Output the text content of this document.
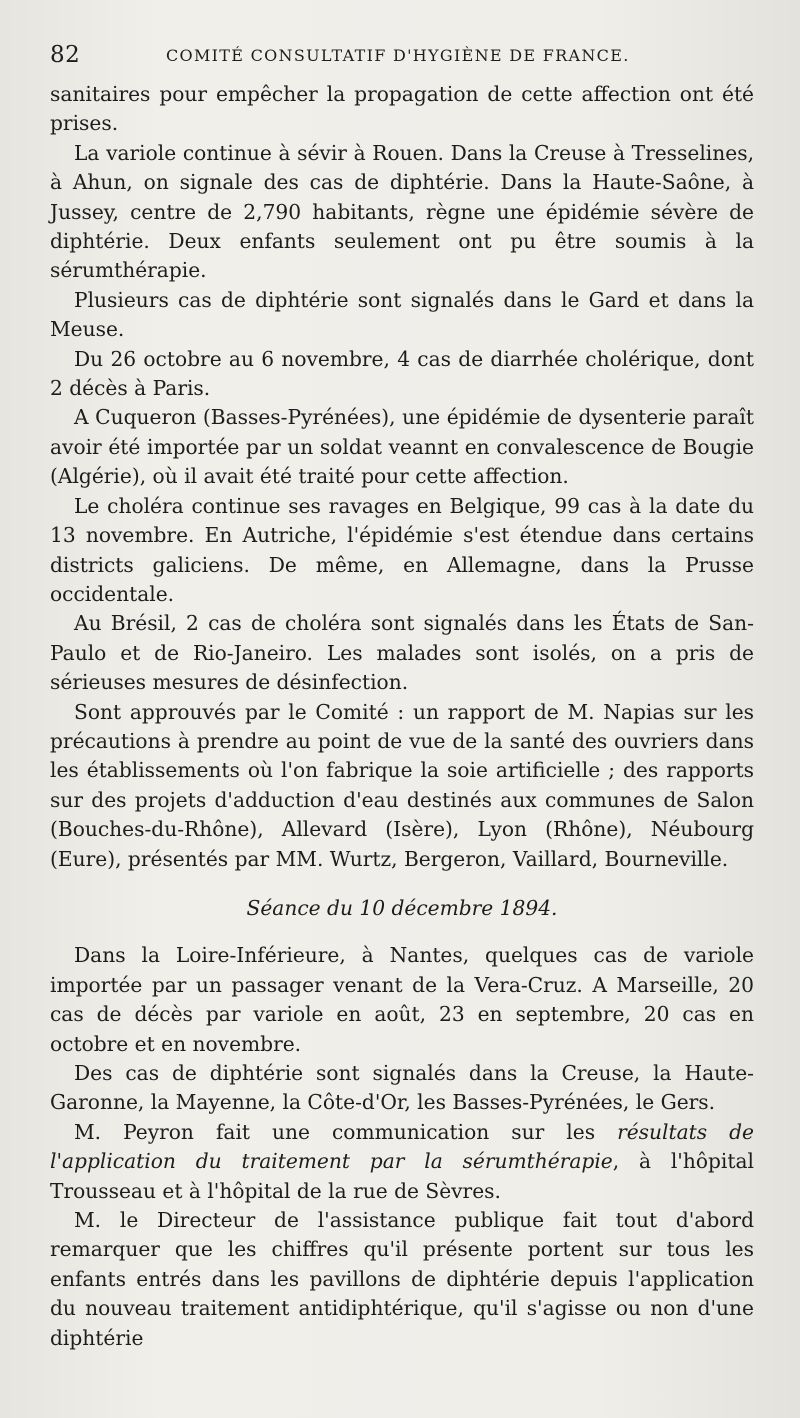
82	COMITÉ CONSULTATIF D'HYGIÈNE DE FRANCE.

sanitaires pour empêcher la propagation de cette affection ont été prises.

La variole continue à sévir à Rouen. Dans la Creuse à Tresselines, à Ahun, on signale des cas de diphtérie. Dans la Haute-Saône, à Jussey, centre de 2,790 habitants, règne une épidémie sévère de diphtérie. Deux enfants seulement ont pu être soumis à la sérumthérapie.

Plusieurs cas de diphtérie sont signalés dans le Gard et dans la Meuse.

Du 26 octobre au 6 novembre, 4 cas de diarrhée cholérique, dont 2 décès à Paris.

A Cuqueron (Basses-Pyrénées), une épidémie de dysenterie paraît avoir été importée par un soldat veannt en convalescence de Bougie (Algérie), où il avait été traité pour cette affection.

Le choléra continue ses ravages en Belgique, 99 cas à la date du 13 novembre. En Autriche, l'épidémie s'est étendue dans certains districts galiciens. De même, en Allemagne, dans la Prusse occidentale.

Au Brésil, 2 cas de choléra sont signalés dans les États de San-Paulo et de Rio-Janeiro. Les malades sont isolés, on a pris de sérieuses mesures de désinfection.

Sont approuvés par le Comité : un rapport de M. Napias sur les précautions à prendre au point de vue de la santé des ouvriers dans les établissements où l'on fabrique la soie artificielle ; des rapports sur des projets d'adduction d'eau destinés aux communes de Salon (Bouches-du-Rhône), Allevard (Isère), Lyon (Rhône), Néubourg (Eure), présentés par MM. Wurtz, Bergeron, Vaillard, Bourneville.

Séance du 10 décembre 1894.

Dans la Loire-Inférieure, à Nantes, quelques cas de variole importée par un passager venant de la Vera-Cruz. A Marseille, 20 cas de décès par variole en août, 23 en septembre, 20 cas en octobre et en novembre.

Des cas de diphtérie sont signalés dans la Creuse, la Haute-Garonne, la Mayenne, la Côte-d'Or, les Basses-Pyrénées, le Gers.

M. Peyron fait une communication sur les résultats de l'application du traitement par la sérumthérapie, à l'hôpital Trousseau et à l'hôpital de la rue de Sèvres.

M. le Directeur de l'assistance publique fait tout d'abord remarquer que les chiffres qu'il présente portent sur tous les enfants entrés dans les pavillons de diphtérie depuis l'application du nouveau traitement antidiphtérique, qu'il s'agisse ou non d'une diphtérie
